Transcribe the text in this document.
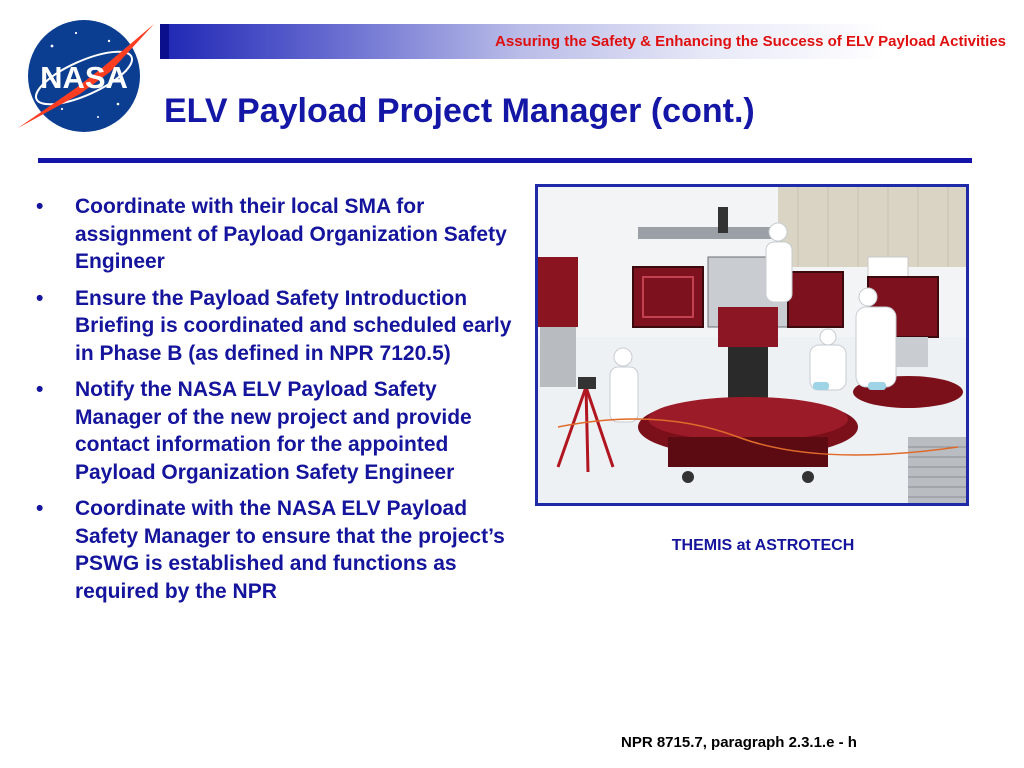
NASA
Assuring the Safety & Enhancing the Success of ELV Payload Activities
ELV Payload Project Manager (cont.)
• Coordinate with their local SMA for assignment of Payload Organization Safety Engineer
• Ensure the Payload Safety Introduction Briefing is coordinated and scheduled early in Phase B (as defined in NPR 7120.5)
• Notify the NASA ELV Payload Safety Manager of the new project and provide contact information for the appointed Payload Organization Safety Engineer
• Coordinate with the NASA ELV Payload Safety Manager to ensure that the project’s PSWG is established and functions as required by the NPR
THEMIS at ASTROTECH
NPR 8715.7, paragraph 2.3.1.e - h
